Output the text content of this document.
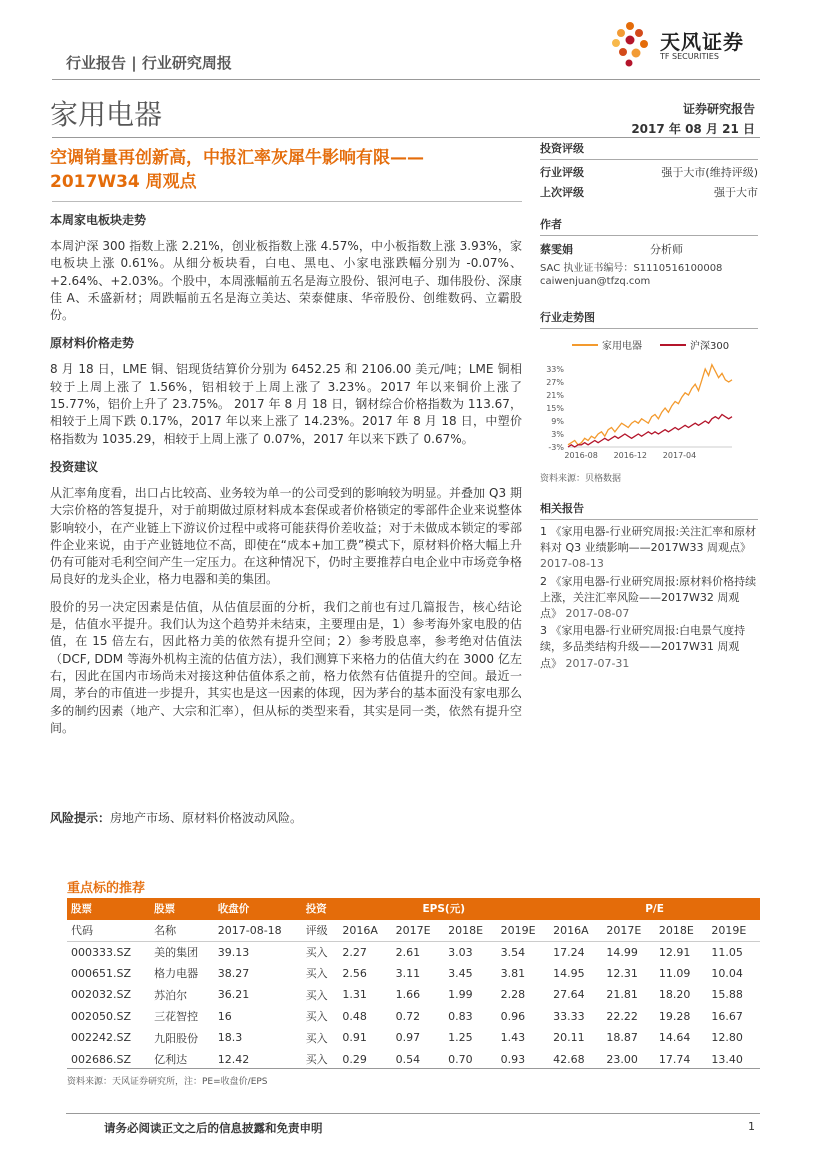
行业报告 | 行业研究周报
天风证券
TF SECURITIES
家用电器	证券研究报告
2017 年 08 月 21 日
空调销量再创新高，中报汇率灰犀牛影响有限——
2017W34 周观点
本周家电板块走势

本周沪深 300 指数上涨 2.21%，创业板指数上涨 4.57%，中小板指数上涨 3.93%，家电板块上涨 0.61%。从细分板块看，白电、黑电、小家电涨跌幅分别为 -0.07%、+2.64%、+2.03%。个股中，本周涨幅前五名是海立股份、银河电子、珈伟股份、深康佳 A、禾盛新材；周跌幅前五名是海立美达、荣泰健康、华帝股份、创维数码、立霸股份。

原材料价格走势

8 月 18 日，LME 铜、铝现货结算价分别为 6452.25 和 2106.00 美元/吨；LME 铜相较于上周上涨了 1.56%，铝相较于上周上涨了 3.23%。2017 年以来铜价上涨了 15.77%，铝价上升了 23.75%。 2017 年 8 月 18 日，钢材综合价格指数为 113.67，相较于上周下跌 0.17%，2017 年以来上涨了 14.23%。2017 年 8 月 18 日，中塑价格指数为 1035.29，相较于上周上涨了 0.07%，2017 年以来下跌了 0.67%。

投资建议

从汇率角度看，出口占比较高、业务较为单一的公司受到的影响较为明显。并叠加 Q3 期大宗价格的答复提升，对于前期做过原材料成本套保或者价格锁定的零部件企业来说整体影响较小，在产业链上下游议价过程中或将可能获得价差收益；对于未做成本锁定的零部件企业来说，由于产业链地位不高，即使在“成本+加工费”模式下，原材料价格大幅上升仍有可能对毛利空间产生一定压力。在这种情况下，仍时主要推荐白电企业中市场竞争格局良好的龙头企业，格力电器和美的集团。

股价的另一决定因素是估值，从估值层面的分析，我们之前也有过几篇报告，核心结论是，估值水平提升。我们认为这个趋势并未结束，主要理由是，1）参考海外家电股的估值，在 15 倍左右，因此格力美的依然有提升空间；2）参考股息率，参考绝对估值法（DCF, DDM 等海外机构主流的估值方法），我们测算下来格力的估值大约在 3000 亿左右，因此在国内市场尚未对接这种估值体系之前，格力依然有估值提升的空间。最近一周，茅台的市值进一步提升，其实也是这一因素的体现，因为茅台的基本面没有家电那么多的制约因素（地产、大宗和汇率），但从标的类型来看，其实是同一类，依然有提升空间。

风险提示：房地产市场、原材料价格波动风险。
投资评级
行业评级	强于大市(维持评级)
上次评级	强于大市
作者
蔡雯娟	分析师
SAC 执业证书编号：S1110516100008
caiwenjuan@tfzq.com
行业走势图
家用电器	沪深300
33%
27%
21%
15%
9%
3%
-3%
2016-08 2016-12 2017-04
资料来源：贝格数据
相关报告
1 《家用电器-行业研究周报:关注汇率和原材料对 Q3 业绩影响——2017W33 周观点》 2017-08-13
2 《家用电器-行业研究周报:原材料价格持续上涨，关注汇率风险——2017W32 周观点》 2017-08-07
3 《家用电器-行业研究周报:白电景气度持续，多品类结构升级——2017W31 周观点》 2017-07-31
重点标的推荐
股票	股票	收盘价	投资	EPS(元)				P/E			
代码	名称	2017-08-18	评级	2016A	2017E	2018E	2019E	2016A	2017E	2018E	2019E
000333.SZ	美的集团	39.13	买入	2.27	2.61	3.03	3.54	17.24	14.99	12.91	11.05
000651.SZ	格力电器	38.27	买入	2.56	3.11	3.45	3.81	14.95	12.31	11.09	10.04
002032.SZ	苏泊尔	36.21	买入	1.31	1.66	1.99	2.28	27.64	21.81	18.20	15.88
002050.SZ	三花智控	16	买入	0.48	0.72	0.83	0.96	33.33	22.22	19.28	16.67
002242.SZ	九阳股份	18.3	买入	0.91	0.97	1.25	1.43	20.11	18.87	14.64	12.80
002686.SZ	亿利达	12.42	买入	0.29	0.54	0.70	0.93	42.68	23.00	17.74	13.40
资料来源：天风证券研究所，注：PE=收盘价/EPS
请务必阅读正文之后的信息披露和免责申明	1
